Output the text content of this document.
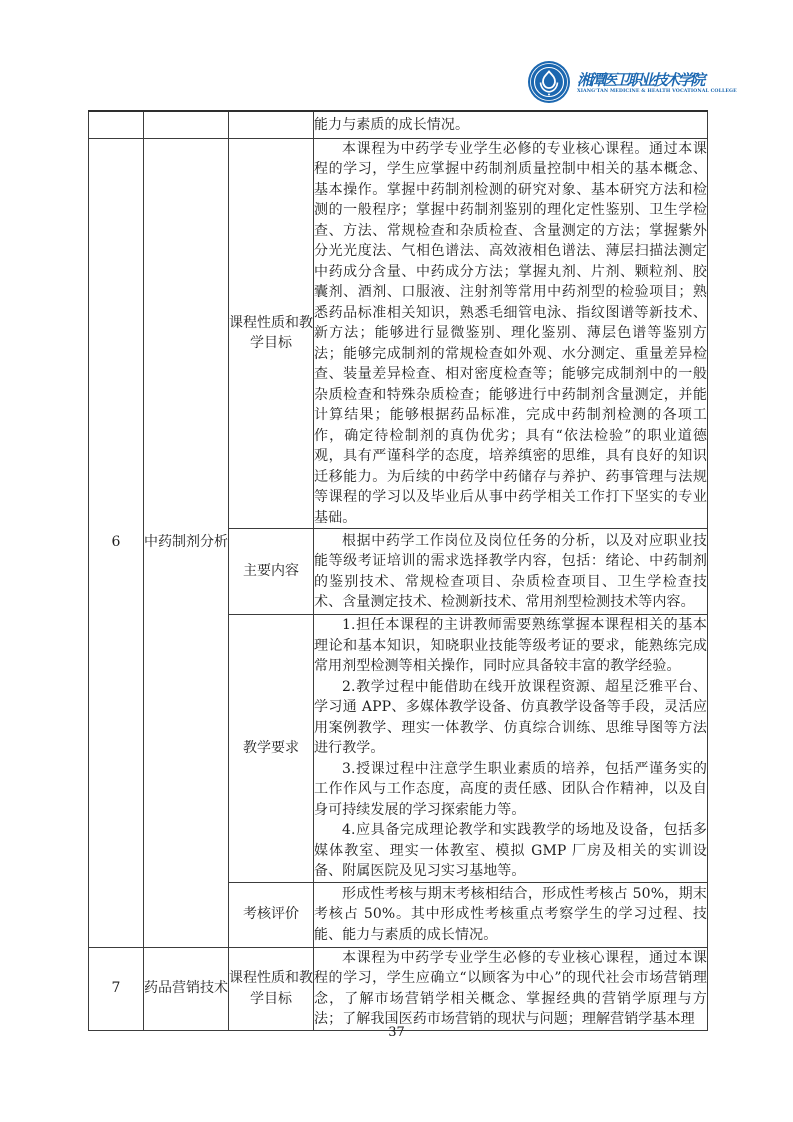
湘潭医卫职业技术学院
XIANG'TAN MEDICINE & HEALTH VOCATIONAL COLLEGE

			能力与素质的成长情况。

6	中药制剂分析	课程性质和教学目标	本课程为中药学专业学生必修的专业核心课程。通过本课程的学习，学生应掌握中药制剂质量控制中相关的基本概念、基本操作。掌握中药制剂检测的研究对象、基本研究方法和检测的一般程序；掌握中药制剂鉴别的理化定性鉴别、卫生学检查、方法、常规检查和杂质检查、含量测定的方法；掌握紫外分光光度法、气相色谱法、高效液相色谱法、薄层扫描法测定中药成分含量、中药成分方法；掌握丸剂、片剂、颗粒剂、胶囊剂、酒剂、口服液、注射剂等常用中药剂型的检验项目；熟悉药品标准相关知识，熟悉毛细管电泳、指纹图谱等新技术、新方法；能够进行显微鉴别、理化鉴别、薄层色谱等鉴别方法；能够完成制剂的常规检查如外观、水分测定、重量差异检查、装量差异检查、相对密度检查等；能够完成制剂中的一般杂质检查和特殊杂质检查；能够进行中药制剂含量测定，并能计算结果；能够根据药品标准，完成中药制剂检测的各项工作，确定待检制剂的真伪优劣；具有“依法检验”的职业道德观，具有严谨科学的态度，培养缜密的思维，具有良好的知识迁移能力。为后续的中药学中药储存与养护、药事管理与法规等课程的学习以及毕业后从事中药学相关工作打下坚实的专业基础。

		主要内容	根据中药学工作岗位及岗位任务的分析，以及对应职业技能等级考证培训的需求选择教学内容，包括：绪论、中药制剂的鉴别技术、常规检查项目、杂质检查项目、卫生学检查技术、含量测定技术、检测新技术、常用剂型检测技术等内容。

		教学要求	1.担任本课程的主讲教师需要熟练掌握本课程相关的基本理论和基本知识，知晓职业技能等级考证的要求，能熟练完成常用剂型检测等相关操作，同时应具备较丰富的教学经验。

2.教学过程中能借助在线开放课程资源、超星泛雅平台、学习通 APP、多媒体教学设备、仿真教学设备等手段，灵活应用案例教学、理实一体教学、仿真综合训练、思维导图等方法进行教学。

3.授课过程中注意学生职业素质的培养，包括严谨务实的工作作风与工作态度，高度的责任感、团队合作精神，以及自身可持续发展的学习探索能力等。

4.应具备完成理论教学和实践教学的场地及设备，包括多媒体教室、理实一体教室、模拟 GMP 厂房及相关的实训设备、附属医院及见习实习基地等。

		考核评价	形成性考核与期末考核相结合，形成性考核占 50%，期末考核占 50%。其中形成性考核重点考察学生的学习过程、技能、能力与素质的成长情况。

7	药品营销技术	课程性质和教学目标	本课程为中药学专业学生必修的专业核心课程，通过本课程的学习，学生应确立“以顾客为中心”的现代社会市场营销理念，了解市场营销学相关概念、掌握经典的营销学原理与方法；了解我国医药市场营销的现状与问题；理解营销学基本理

37
